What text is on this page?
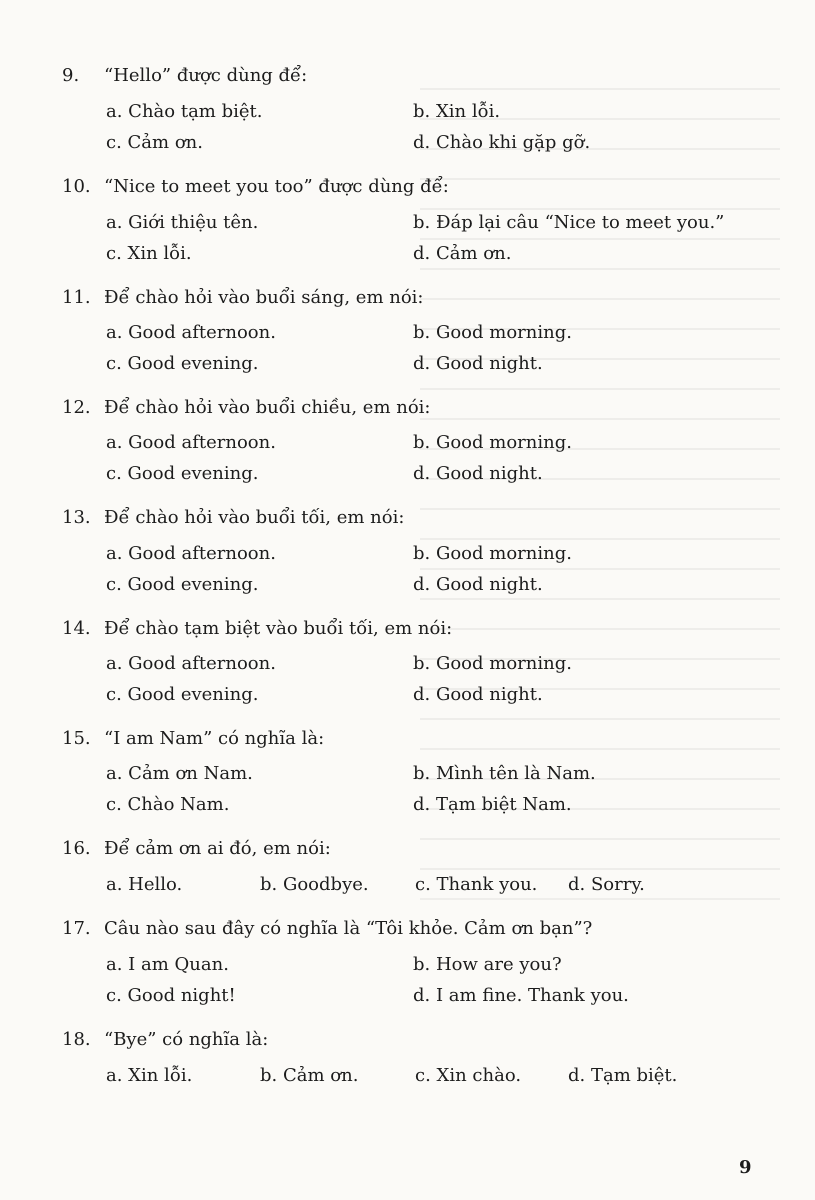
9. “Hello” được dùng để:
a. Chào tạm biệt.	b. Xin lỗi.
c. Cảm ơn.	d. Chào khi gặp gỡ.
10. “Nice to meet you too” được dùng để:
a. Giới thiệu tên.	b. Đáp lại câu “Nice to meet you.”
c. Xin lỗi.	d. Cảm ơn.
11. Để chào hỏi vào buổi sáng, em nói:
a. Good afternoon.	b. Good morning.
c. Good evening.	d. Good night.
12. Để chào hỏi vào buổi chiều, em nói:
a. Good afternoon.	b. Good morning.
c. Good evening.	d. Good night.
13. Để chào hỏi vào buổi tối, em nói:
a. Good afternoon.	b. Good morning.
c. Good evening.	d. Good night.
14. Để chào tạm biệt vào buổi tối, em nói:
a. Good afternoon.	b. Good morning.
c. Good evening.	d. Good night.
15. “I am Nam” có nghĩa là:
a. Cảm ơn Nam.	b. Mình tên là Nam.
c. Chào Nam.	d. Tạm biệt Nam.
16. Để cảm ơn ai đó, em nói:
a. Hello.	b. Goodbye.	c. Thank you. d. Sorry.
17. Câu nào sau đây có nghĩa là “Tôi khỏe. Cảm ơn bạn”?
a. I am Quan.	b. How are you?
c. Good night!	d. I am fine. Thank you.
18. “Bye” có nghĩa là:
a. Xin lỗi.	b. Cảm ơn.	c. Xin chào.	d. Tạm biệt.
9
